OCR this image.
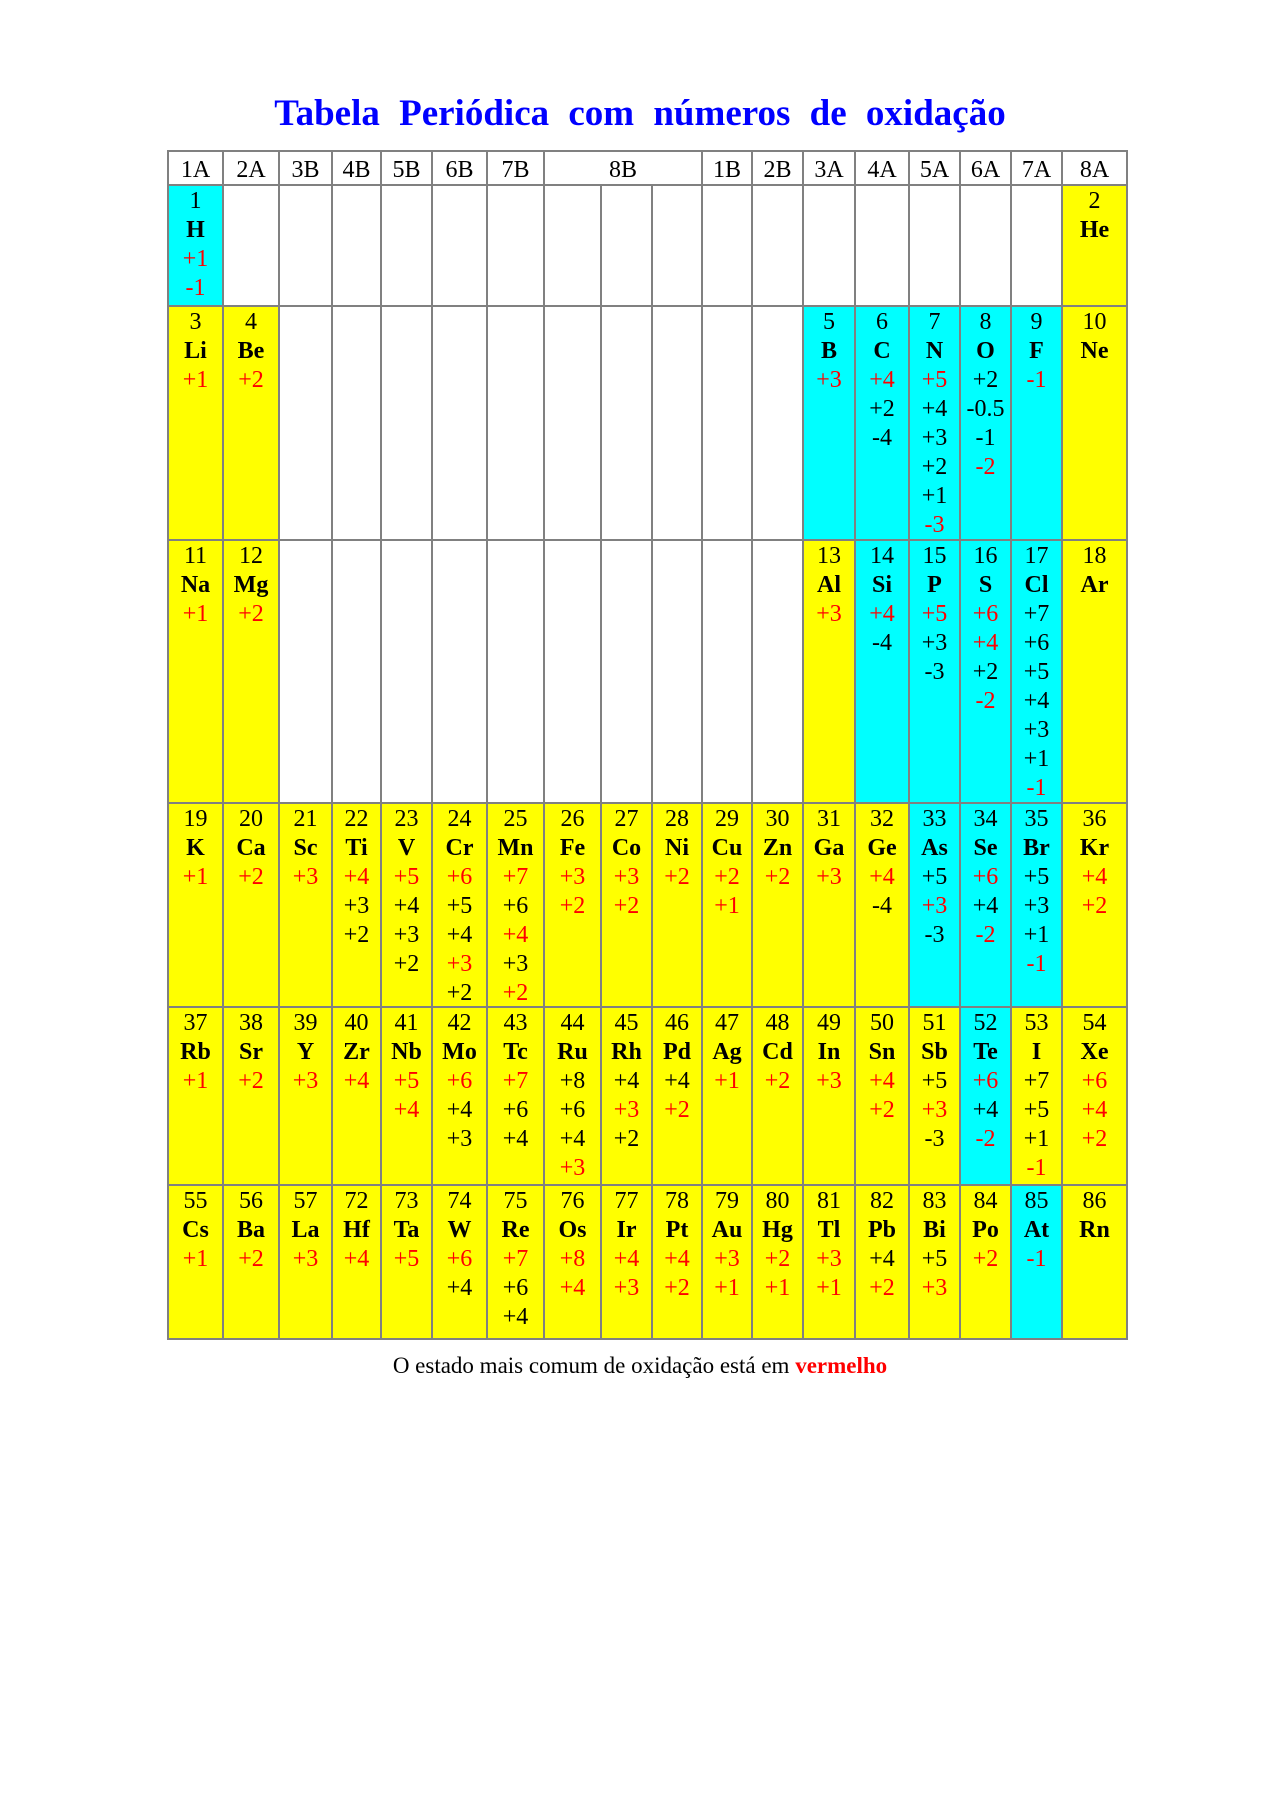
Tabela Periódica com números de oxidação
1A 2A 3B 4B 5B 6B 7B	8B	1B 2B 3A 4A 5A 6A 7A 8A
1
H
+1
-1
2
He
3
Li
+1
4
Be
+2
5
B
+3
6
C
+4
+2
-4
7
N
+5
+4
+3
+2
+1
-3
8
O
+2
-0.5
-1
-2
9
F
-1
10
Ne
11
Na
+1
12
Mg
+2
13
Al
+3
14
Si
+4
-4
15
P
+5
+3
-3
16
S
+6
+4
+2
-2
17
Cl
+7
+6
+5
+4
+3
+1
-1
18
Ar
19
K
+1
20
Ca
+2
21
Sc
+3
22
Ti
+4
+3
+2
23
V
+5
+4
+3
+2
24
Cr
+6
+5
+4
+3
+2
25
Mn
+7
+6
+4
+3
+2
26
Fe
+3
+2
27
Co
+3
+2
28
Ni
+2
29
Cu
+2
+1
30
Zn
+2
31
Ga
+3
32
Ge
+4
-4
33
As
+5
+3
-3
34
Se
+6
+4
-2
35
Br
+5
+3
+1
-1
36
Kr
+4
+2
37
Rb
+1
38
Sr
+2
39
Y
+3
40
Zr
+4
41
Nb
+5
+4
42
Mo
+6
+4
+3
43
Tc
+7
+6
+4
44
Ru
+8
+6
+4
+3
45
Rh
+4
+3
+2
46
Pd
+4
+2
47
Ag
+1
48
Cd
+2
49
In
+3
50
Sn
+4
+2
51
Sb
+5
+3
-3
52
Te
+6
+4
-2
53
I
+7
+5
+1
-1
54
Xe
+6
+4
+2
55
Cs
+1
56
Ba
+2
57
La
+3
72
Hf
+4
73
Ta
+5
74
W
+6
+4
75
Re
+7
+6
+4
76
Os
+8
+4
77
Ir
+4
+3
78
Pt
+4
+2
79
Au
+3
+1
80
Hg
+2
+1
81
Tl
+3
+1
82
Pb
+4
+2
83
Bi
+5
+3
84
Po
+2
85
At
-1
86
Rn

O estado mais comum de oxidação está em vermelho
